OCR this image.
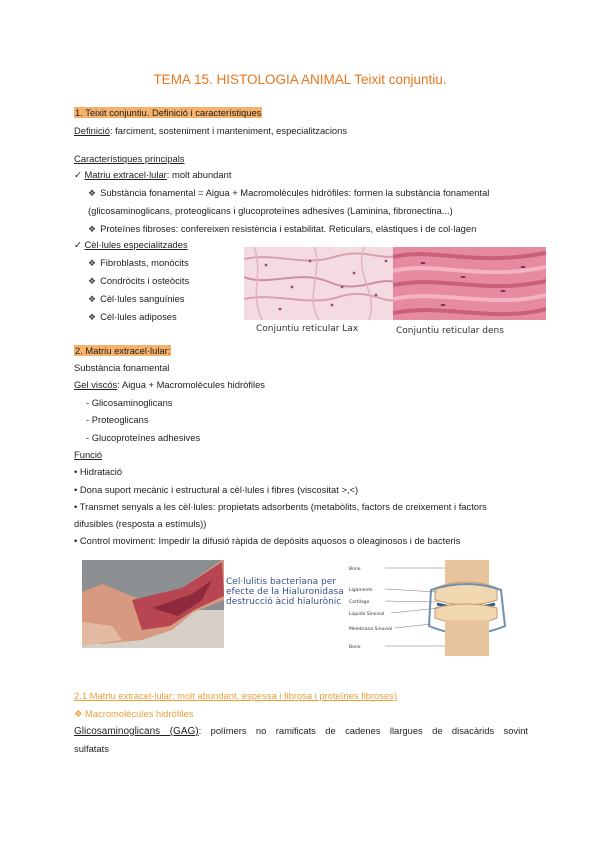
TEMA 15. HISTOLOGIA ANIMAL Teixit conjuntiu.
1. Teixit conjuntiu. Definició i característiques
Definició: farciment, sosteniment i manteniment, especialitzacions
Característiques principals
✓ Matriu extracel·lular: molt abundant
❖ Substància fonamental = Aigua + Macromolècules hidròfiles: formen la substància fonamental
(glicosaminoglicans, proteoglicans i glucoproteïnes adhesives (Laminina, fibronectina...)
❖ Proteïnes fibroses: confereixen resistència i estabilitat. Reticulars, elàstiques i de col·lagen
✓ Cèl·lules especialitzades
❖ Fibroblasts, monòcits
❖ Condròcits i osteòcits
❖ Cèl·lules sanguínies
❖ Cèl·lules adiposes
Conjuntiu reticular Lax	Conjuntiu reticular dens
2. Matriu extracel·lular:
Substància fonamental
Gel viscós: Aigua + Macromolècules hidròfiles
- Glicosaminoglicans
- Proteoglicans
- Glucoproteïnes adhesives
Funció
• Hidratació
• Dona suport mecànic i estructural a cèl·lules i fibres (viscositat >,<)
• Transmet senyals a les cèl·lules: propietats adsorbents (metabòlits, factors de creixement i factors
difusibles (resposta a estímuls))
• Control moviment: Impedir la difusió ràpida de depòsits aquosos o oleaginosos i de bacteris
Cel·lulitis bacteriana per
efecte de la Hialuronidasa
destrucció àcid hialurònic
Bone
Ligaments
Cartilage
Liquido Sinovial
Membrana Sinovial
Bone
2.1 Matriu extracel·lular: molt abundant, espessa i fibrosa i proteïnes fibroses)
❖ Macromolècules hidròfiles
Glicosaminoglicans (GAG): polímers no ramificats de cadenes llargues de disacàrids sovint
sulfatats
